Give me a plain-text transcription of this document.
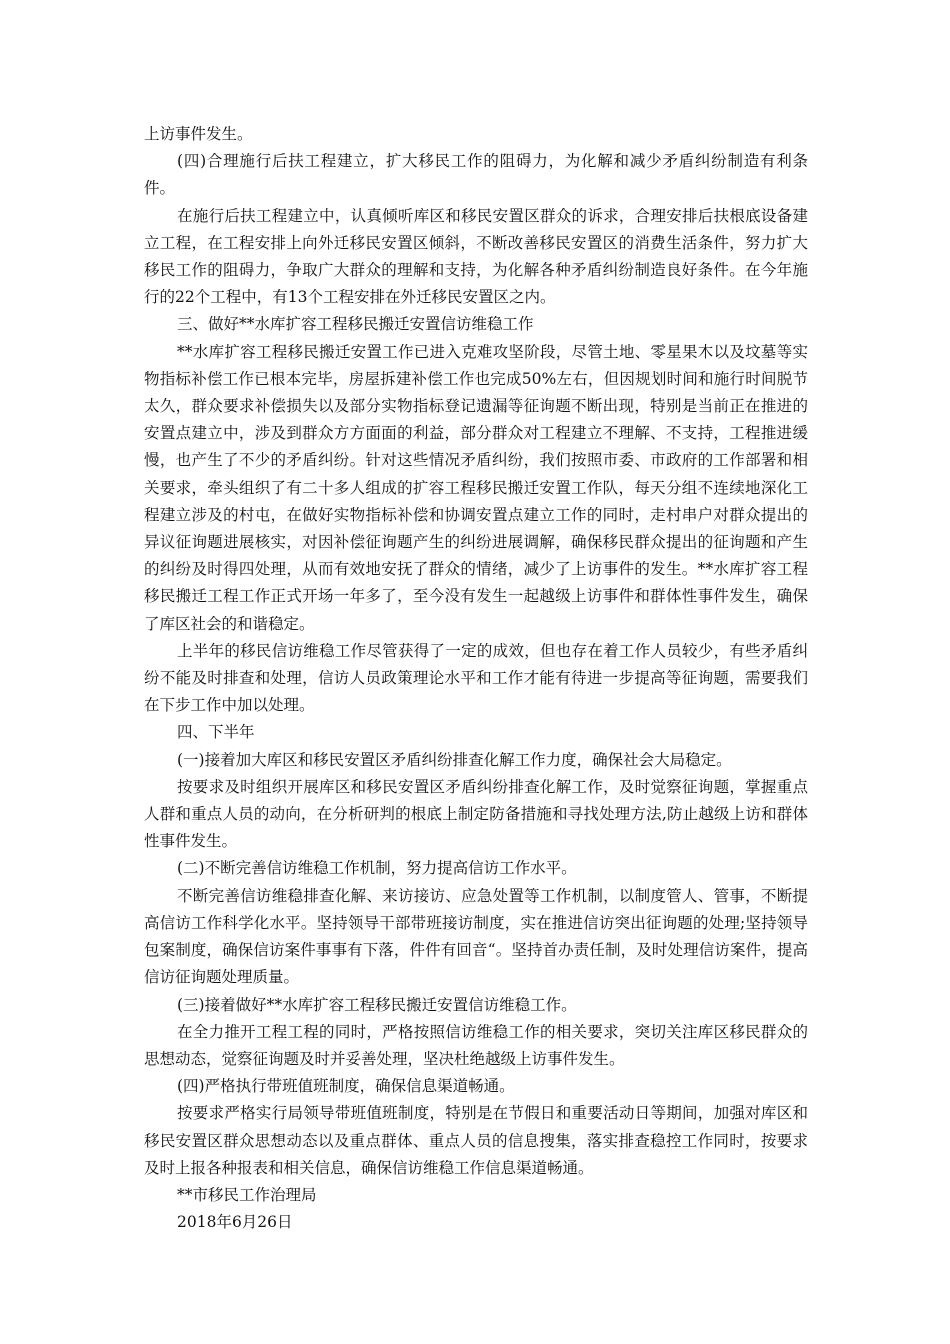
上访事件发生。

(四)合理施行后扶工程建立，扩大移民工作的阻碍力，为化解和减少矛盾纠纷制造有利条件。

在施行后扶工程建立中，认真倾听库区和移民安置区群众的诉求，合理安排后扶根底设备建立工程，在工程安排上向外迁移民安置区倾斜，不断改善移民安置区的消费生活条件，努力扩大移民工作的阻碍力，争取广大群众的理解和支持，为化解各种矛盾纠纷制造良好条件。在今年施行的22个工程中，有13个工程安排在外迁移民安置区之内。

三、做好**水库扩容工程移民搬迁安置信访维稳工作

**水库扩容工程移民搬迁安置工作已进入克难攻坚阶段，尽管土地、零星果木以及坟墓等实物指标补偿工作已根本完毕，房屋拆建补偿工作也完成50%左右，但因规划时间和施行时间脱节太久，群众要求补偿损失以及部分实物指标登记遗漏等征询题不断出现，特别是当前正在推进的安置点建立中，涉及到群众方方面面的利益，部分群众对工程建立不理解、不支持，工程推进缓慢，也产生了不少的矛盾纠纷。针对这些情况矛盾纠纷，我们按照市委、市政府的工作部署和相关要求，牵头组织了有二十多人组成的扩容工程移民搬迁安置工作队，每天分组不连续地深化工程建立涉及的村屯，在做好实物指标补偿和协调安置点建立工作的同时，走村串户对群众提出的异议征询题进展核实，对因补偿征询题产生的纠纷进展调解，确保移民群众提出的征询题和产生的纠纷及时得四处理，从而有效地安抚了群众的情绪，减少了上访事件的发生。**水库扩容工程移民搬迁工程工作正式开场一年多了，至今没有发生一起越级上访事件和群体性事件发生，确保了库区社会的和谐稳定。

上半年的移民信访维稳工作尽管获得了一定的成效，但也存在着工作人员较少，有些矛盾纠纷不能及时排查和处理，信访人员政策理论水平和工作才能有待进一步提高等征询题，需要我们在下步工作中加以处理。

四、下半年

(一)接着加大库区和移民安置区矛盾纠纷排查化解工作力度，确保社会大局稳定。

按要求及时组织开展库区和移民安置区矛盾纠纷排查化解工作，及时觉察征询题，掌握重点人群和重点人员的动向，在分析研判的根底上制定防备措施和寻找处理方法,防止越级上访和群体性事件发生。

(二)不断完善信访维稳工作机制，努力提高信访工作水平。

不断完善信访维稳排查化解、来访接访、应急处置等工作机制，以制度管人、管事，不断提高信访工作科学化水平。坚持领导干部带班接访制度，实在推进信访突出征询题的处理;坚持领导包案制度，确保信访案件事事有下落，件件有回音“。坚持首办责任制，及时处理信访案件，提高信访征询题处理质量。

(三)接着做好**水库扩容工程移民搬迁安置信访维稳工作。

在全力推开工程工程的同时，严格按照信访维稳工作的相关要求，突切关注库区移民群众的思想动态，觉察征询题及时并妥善处理，坚决杜绝越级上访事件发生。

(四)严格执行带班值班制度，确保信息渠道畅通。

按要求严格实行局领导带班值班制度，特别是在节假日和重要活动日等期间，加强对库区和移民安置区群众思想动态以及重点群体、重点人员的信息搜集，落实排查稳控工作同时，按要求及时上报各种报表和相关信息，确保信访维稳工作信息渠道畅通。

**市移民工作治理局

2018年6月26日
